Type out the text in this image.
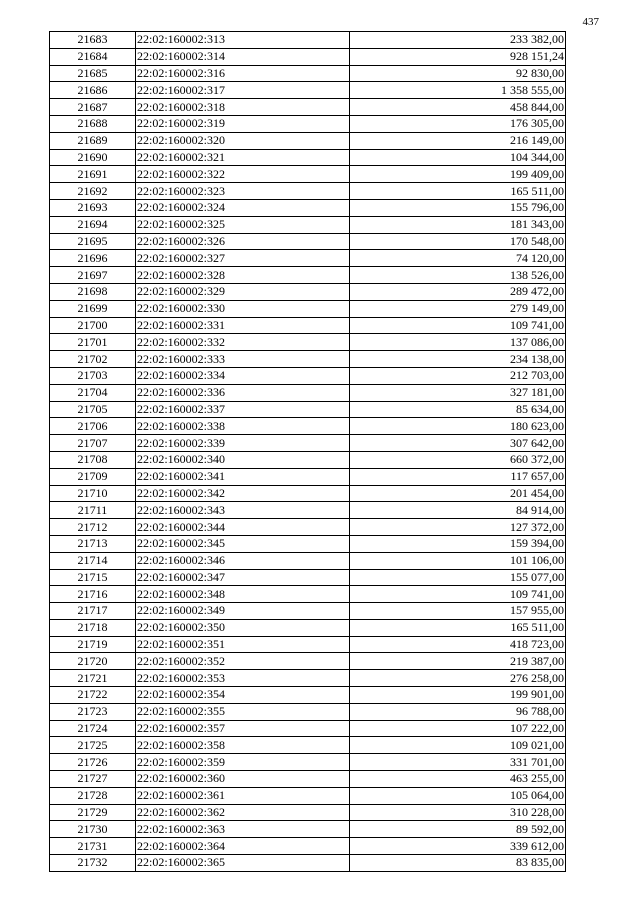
437
21683	22:02:160002:313	233 382,00
21684	22:02:160002:314	928 151,24
21685	22:02:160002:316	92 830,00
21686	22:02:160002:317	1 358 555,00
21687	22:02:160002:318	458 844,00
21688	22:02:160002:319	176 305,00
21689	22:02:160002:320	216 149,00
21690	22:02:160002:321	104 344,00
21691	22:02:160002:322	199 409,00
21692	22:02:160002:323	165 511,00
21693	22:02:160002:324	155 796,00
21694	22:02:160002:325	181 343,00
21695	22:02:160002:326	170 548,00
21696	22:02:160002:327	74 120,00
21697	22:02:160002:328	138 526,00
21698	22:02:160002:329	289 472,00
21699	22:02:160002:330	279 149,00
21700	22:02:160002:331	109 741,00
21701	22:02:160002:332	137 086,00
21702	22:02:160002:333	234 138,00
21703	22:02:160002:334	212 703,00
21704	22:02:160002:336	327 181,00
21705	22:02:160002:337	85 634,00
21706	22:02:160002:338	180 623,00
21707	22:02:160002:339	307 642,00
21708	22:02:160002:340	660 372,00
21709	22:02:160002:341	117 657,00
21710	22:02:160002:342	201 454,00
21711	22:02:160002:343	84 914,00
21712	22:02:160002:344	127 372,00
21713	22:02:160002:345	159 394,00
21714	22:02:160002:346	101 106,00
21715	22:02:160002:347	155 077,00
21716	22:02:160002:348	109 741,00
21717	22:02:160002:349	157 955,00
21718	22:02:160002:350	165 511,00
21719	22:02:160002:351	418 723,00
21720	22:02:160002:352	219 387,00
21721	22:02:160002:353	276 258,00
21722	22:02:160002:354	199 901,00
21723	22:02:160002:355	96 788,00
21724	22:02:160002:357	107 222,00
21725	22:02:160002:358	109 021,00
21726	22:02:160002:359	331 701,00
21727	22:02:160002:360	463 255,00
21728	22:02:160002:361	105 064,00
21729	22:02:160002:362	310 228,00
21730	22:02:160002:363	89 592,00
21731	22:02:160002:364	339 612,00
21732	22:02:160002:365	83 835,00
